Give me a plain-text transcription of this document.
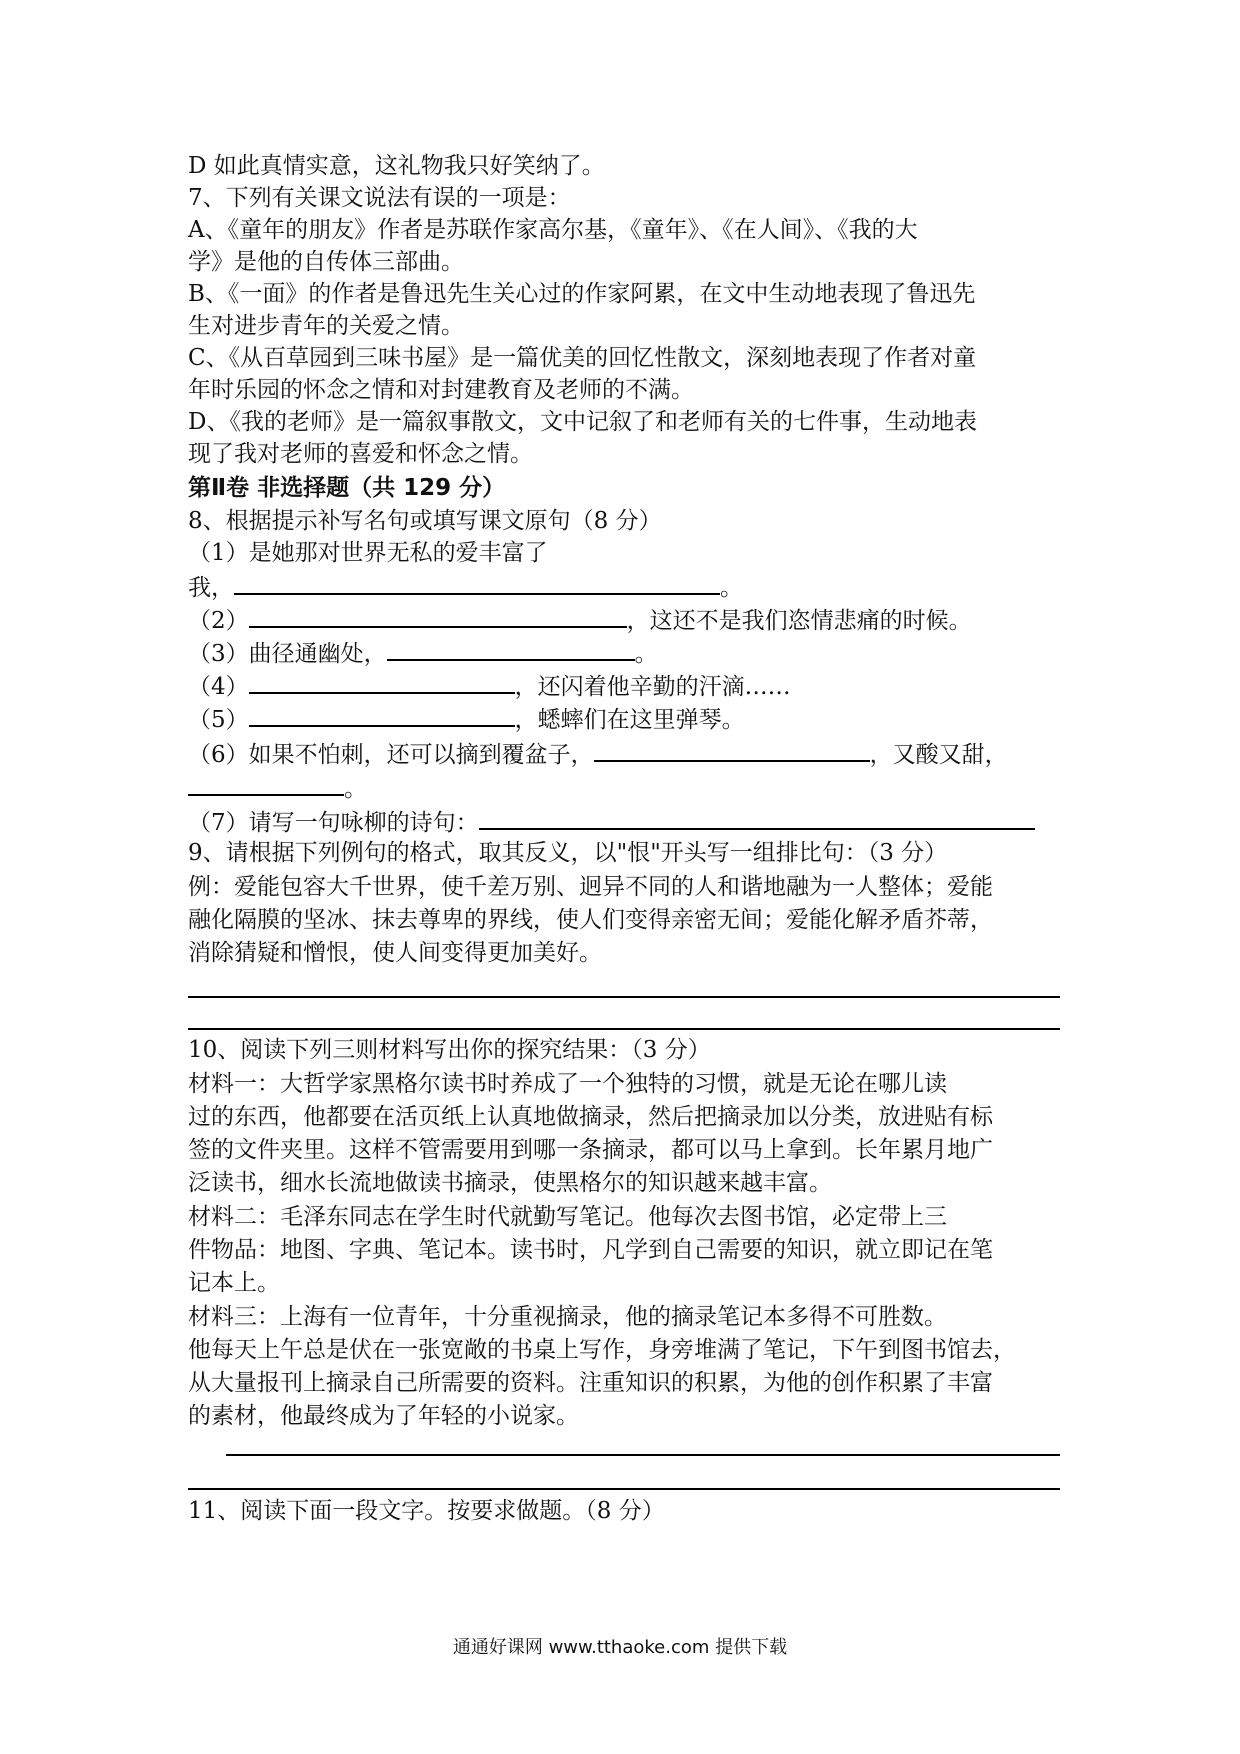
D 如此真情实意，这礼物我只好笑纳了。
7、下列有关课文说法有误的一项是：
A、《童年的朋友》作者是苏联作家高尔基，《童年》、《在人间》、《我的大
学》是他的自传体三部曲。
B、《一面》的作者是鲁迅先生关心过的作家阿累，在文中生动地表现了鲁迅先
生对进步青年的关爱之情。
C、《从百草园到三味书屋》是一篇优美的回忆性散文，深刻地表现了作者对童
年时乐园的怀念之情和对封建教育及老师的不满。
D、《我的老师》是一篇叙事散文，文中记叙了和老师有关的七件事，生动地表
现了我对老师的喜爱和怀念之情。
第Ⅱ卷 非选择题（共 129 分）
8、根据提示补写名句或填写课文原句（8 分）
（1）是她那对世界无私的爱丰富了
我，	。
（2）	，这还不是我们恣情悲痛的时候。
（3）曲径通幽处，	。
（4）	，还闪着他辛勤的汗滴……
（5）	，蟋蟀们在这里弹琴。
（6）如果不怕刺，还可以摘到覆盆子，	，又酸又甜，
。
（7）请写一句咏柳的诗句：
9、请根据下列例句的格式，取其反义，以"恨"开头写一组排比句：（3 分）
例：爱能包容大千世界，使千差万别、迥异不同的人和谐地融为一人整体；爱能
融化隔膜的坚冰、抹去尊卑的界线，使人们变得亲密无间；爱能化解矛盾芥蒂，
消除猜疑和憎恨，使人间变得更加美好。
10、阅读下列三则材料写出你的探究结果：（3 分）
材料一：大哲学家黑格尔读书时养成了一个独特的习惯，就是无论在哪儿读
过的东西，他都要在活页纸上认真地做摘录，然后把摘录加以分类，放进贴有标
签的文件夹里。这样不管需要用到哪一条摘录，都可以马上拿到。长年累月地广
泛读书，细水长流地做读书摘录，使黑格尔的知识越来越丰富。
材料二：毛泽东同志在学生时代就勤写笔记。他每次去图书馆，必定带上三
件物品：地图、字典、笔记本。读书时，凡学到自己需要的知识，就立即记在笔
记本上。
材料三：上海有一位青年，十分重视摘录，他的摘录笔记本多得不可胜数。
他每天上午总是伏在一张宽敞的书桌上写作，身旁堆满了笔记，下午到图书馆去，
从大量报刊上摘录自己所需要的资料。注重知识的积累，为他的创作积累了丰富
的素材，他最终成为了年轻的小说家。
11、阅读下面一段文字。按要求做题。（8 分）
通通好课网 www.tthaoke.com 提供下载
